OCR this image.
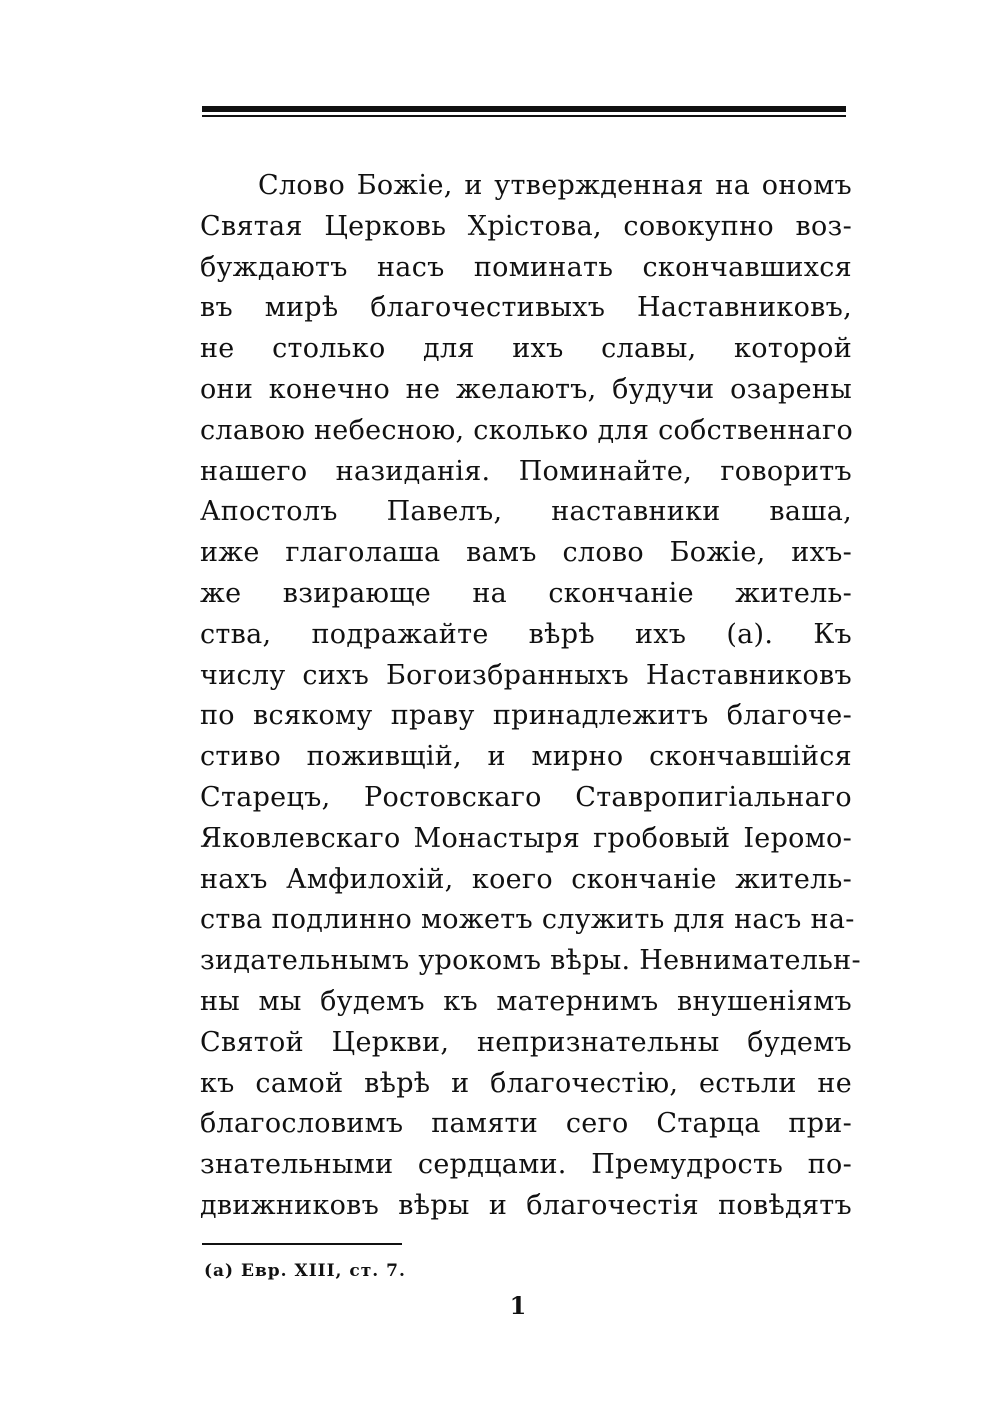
Слово Божіе, и утвержденная на ономъ
Святая Церковь Хрістова, совокупно воз-
буждаютъ насъ поминать скончавшихся
въ мирѣ благочестивыхъ Наставниковъ,
не столько для ихъ славы, которой
они конечно не желаютъ, будучи озарены
славою небесною, сколько для собственнаго
нашего назиданія. Поминайте, говоритъ
Апостолъ Павелъ, наставники ваша,
иже глаголаша вамъ слово Божіе, ихъ-
же взирающе на скончаніе житель-
ства, подражайте вѣрѣ ихъ (а). Къ
числу сихъ Богоизбранныхъ Наставниковъ
по всякому праву принадлежитъ благоче-
стиво поживщій, и мирно скончавшійся
Старецъ, Ростовскаго Ставропигіальнаго
Яковлевскаго Монастыря гробовый Іеромо-
нахъ Амфилохій, коего скончаніе житель-
ства подлинно можетъ служить для насъ на-
зидательнымъ урокомъ вѣры. Невнимательн-
ны мы будемъ къ матернимъ внушеніямъ
Святой Церкви, непризнательны будемъ
къ самой вѣрѣ и благочестію, естьли не
благословимъ памяти сего Старца при-
знательными сердцами. Премудрость по-
движниковъ вѣры и благочестія повѣдятъ
(а) Евр. XIII, ст. 7.
1
